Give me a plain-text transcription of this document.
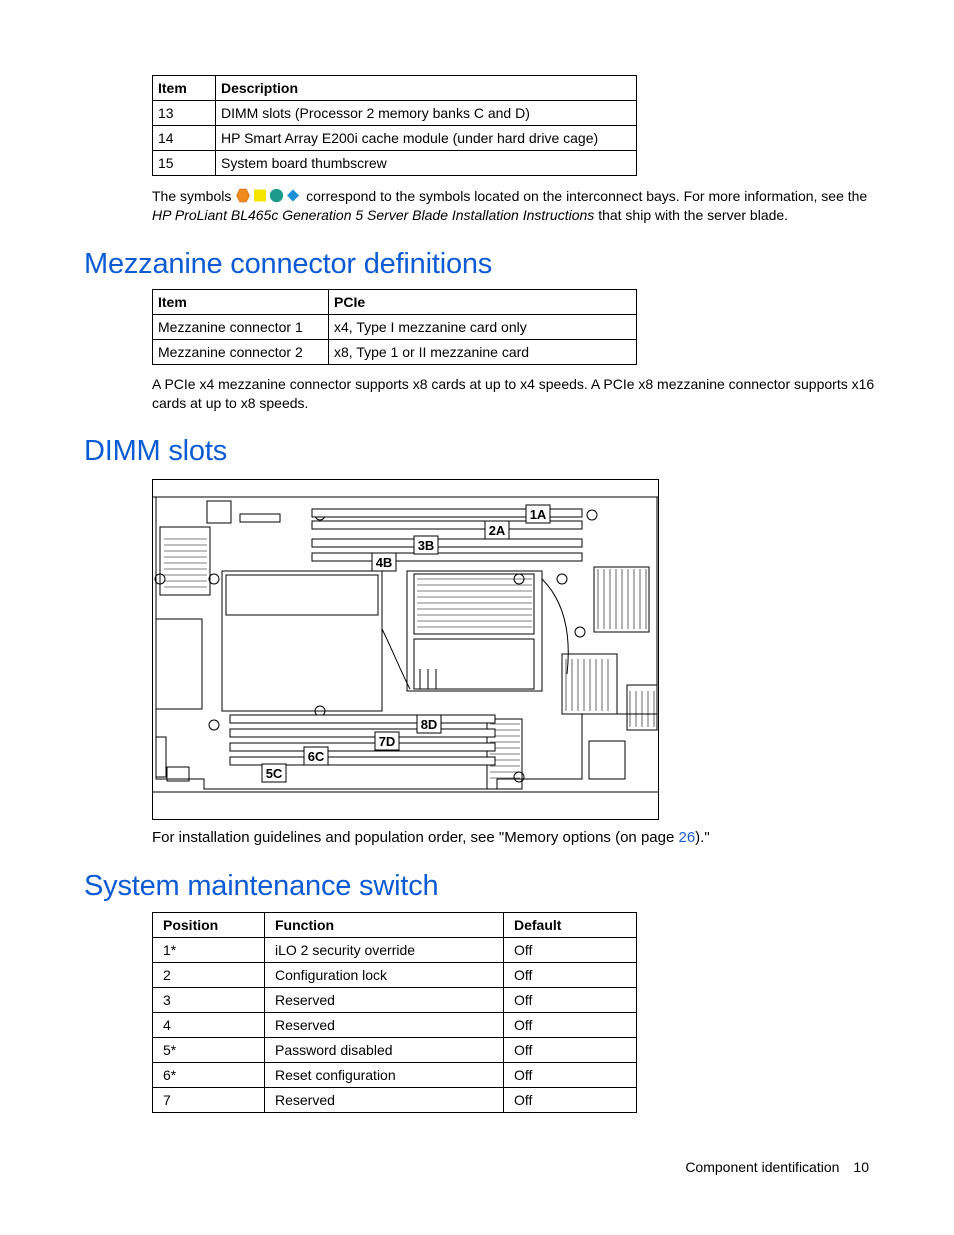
Item	Description
13	DIMM slots (Processor 2 memory banks C and D)
14	HP Smart Array E200i cache module (under hard drive cage)
15	System board thumbscrew
The symbols	correspond to the symbols located on the interconnect bays. For more information, see the
HP ProLiant BL465c Generation 5 Server Blade Installation Instructions that ship with the server blade.
Mezzanine connector definitions
Item	PCIe
Mezzanine connector 1	x4, Type I mezzanine card only
Mezzanine connector 2	x8, Type 1 or II mezzanine card
A PCIe x4 mezzanine connector supports x8 cards at up to x4 speeds. A PCIe x8 mezzanine connector supports x16
cards at up to x8 speeds.
DIMM slots
1A
2A
3B
4B
5C
6C
7D
8D
For installation guidelines and population order, see "Memory options (on page 26)."
System maintenance switch
Position	Function	Default
1*	iLO 2 security override	Off
2	Configuration lock	Off
3	Reserved	Off
4	Reserved	Off
5*	Password disabled	Off
6*	Reset configuration	Off
7	Reserved	Off
Component identification 10
